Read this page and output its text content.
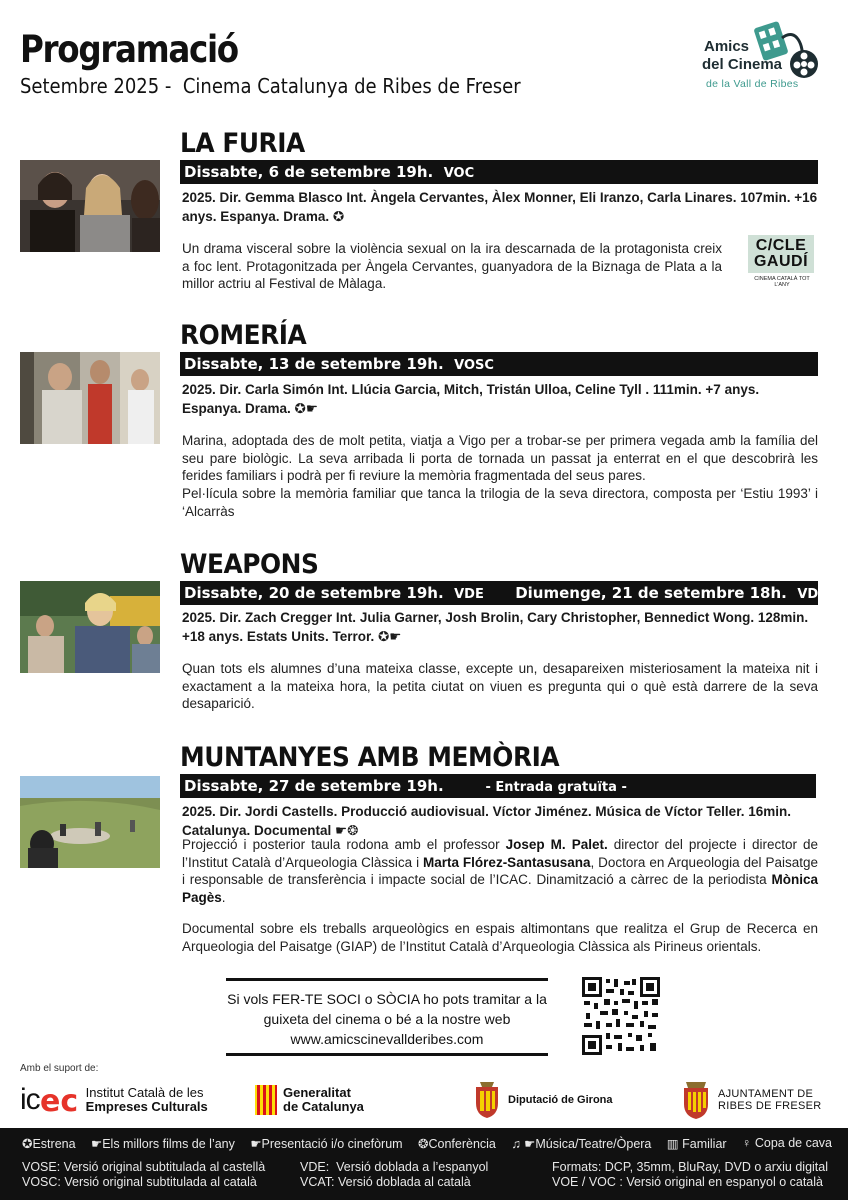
Programació
Setembre 2025 -  Cinema Catalunya de Ribes de Freser
Amics
del Cinema
de la Vall de Ribes
LA FURIA
Dissabte, 6 de setembre 19h. VOC
2025. Dir. Gemma Blasco Int. Àngela Cervantes, Àlex Monner, Eli Iranzo, Carla Linares. 107min. +16 anys. Espanya. Drama. ✪
Un drama visceral sobre la violència sexual on la ira descarnada de la protagonista creix a foc lent. Protagonitzada per Àngela Cervantes, guanyadora de la Biznaga de Plata a la millor actriu al Festival de Màlaga.
C/CLE
GAUDÍ
CINEMA CATALÀ TOT L’ANY
ROMERÍA
Dissabte, 13 de setembre 19h. VOSC
2025. Dir. Carla Simón Int. Llúcia Garcia, Mitch, Tristán Ulloa, Celine Tyll . 111min. +7 anys. Espanya. Drama. ✪☛
Marina, adoptada des de molt petita, viatja a Vigo per a trobar-se per primera vegada amb la família del seu pare biològic. La seva arribada li porta de tornada un passat ja enterrat en el que descobrirà les ferides familiars i podrà per fi reviure la memòria fragmentada del seus pares.
Pel·lícula sobre la memòria familiar que tanca la trilogia de la seva directora, composta per ‘Estiu 1993’ i ‘Alcarràs
WEAPONS
Dissabte, 20 de setembre 19h. VDE Diumenge, 21 de setembre 18h. VDE
2025. Dir. Zach Cregger Int. Julia Garner, Josh Brolin, Cary Christopher, Bennedict Wong. 128min. +18 anys. Estats Units. Terror. ✪☛
Quan tots els alumnes d’una mateixa classe, excepte un, desapareixen misteriosament la mateixa nit i exactament a la mateixa hora, la petita ciutat on viuen es pregunta qui o què està darrere de la seva desaparició.
MUNTANYES AMB MEMÒRIA
Dissabte, 27 de setembre 19h.	- Entrada gratuïta -
2025. Dir. Jordi Castells. Producció audiovisual. Víctor Jiménez. Música de Víctor Teller. 16min.
Catalunya. Documental ☛❂
Projecció i posterior taula rodona amb el professor Josep M. Palet. director del projecte i director de l’Institut Català d’Arqueologia Clàssica i Marta Flórez-Santasusana, Doctora en Arqueologia del Paisatge i responsable de transferència i impacte social de l’ICAC. Dinamització a càrrec de la periodista Mònica Pagès.
Documental sobre els treballs arqueològics en espais altimontans que realitza el Grup de Recerca en Arqueologia del Paisatge (GIAP) de l’Institut Català d’Arqueologia Clàssica als Pirineus orientals.
Si vols FER-TE SOCI o SÒCIA ho pots tramitar a la
guixeta del cinema o bé a la nostre web
www.amicscinevallderibes.com
Amb el suport de:
ic ec Institut Català de les
Empreses Culturals
Generalitat
de Catalunya	Diputació de Girona	AJUNTAMENT DE
RIBES DE FRESER
✪Estrena ☛Els millors films de l’any ☛Presentació i/o cinefòrum ❂Conferència ♫ ☛Música/Teatre/Òpera ▥ Familiar ♀ Copa de cava
VOSE: Versió original subtitulada al castellà
VOSC: Versió original subtitulada al català
VDE:  Versió doblada a l’espanyol
VCAT: Versió doblada al català
Formats: DCP, 35mm, BluRay, DVD o arxiu digital
VOE / VOC : Versió original en espanyol o català
